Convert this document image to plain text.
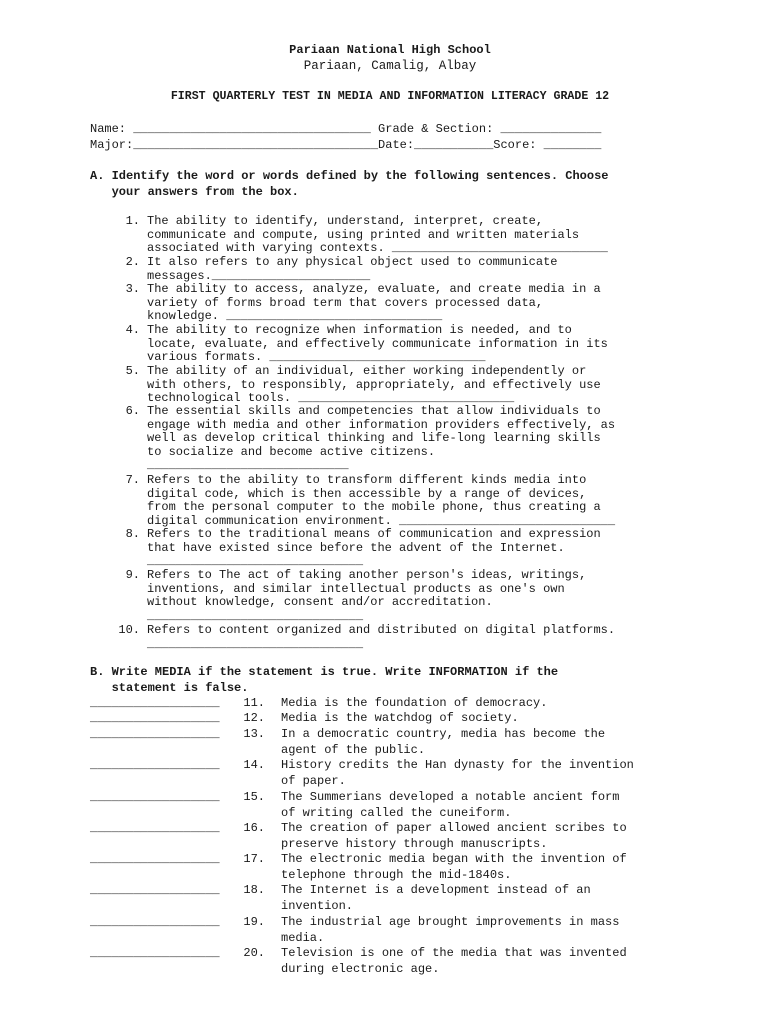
Pariaan National High School
Pariaan, Camalig, Albay
FIRST QUARTERLY TEST IN MEDIA AND INFORMATION LITERACY GRADE 12
Name: _________________________________ Grade & Section: ______________
Major:__________________________________Date:___________Score: ________
A. Identify the word or words defined by the following sentences. Choose
your answers from the box.
1. The ability to identify, understand, interpret, create,
communicate and compute, using printed and written materials
associated with varying contexts. ______________________________
2. It also refers to any physical object used to communicate
messages.______________________
3. The ability to access, analyze, evaluate, and create media in a
variety of forms broad term that covers processed data,
knowledge. ______________________________
4. The ability to recognize when information is needed, and to
locate, evaluate, and effectively communicate information in its
various formats. ______________________________
5. The ability of an individual, either working independently or
with others, to responsibly, appropriately, and effectively use
technological tools. ______________________________
6. The essential skills and competencies that allow individuals to
engage with media and other information providers effectively, as
well as develop critical thinking and life-long learning skills
to socialize and become active citizens.
____________________________
7. Refers to the ability to transform different kinds media into
digital code, which is then accessible by a range of devices,
from the personal computer to the mobile phone, thus creating a
digital communication environment. ______________________________
8. Refers to the traditional means of communication and expression
that have existed since before the advent of the Internet.
______________________________
9. Refers to The act of taking another person's ideas, writings,
inventions, and similar intellectual products as one's own
without knowledge, consent and/or accreditation.
______________________________
10. Refers to content organized and distributed on digital platforms.
______________________________
B. Write MEDIA if the statement is true. Write INFORMATION if the
statement is false.
__________________ 11. Media is the foundation of democracy.
__________________ 12. Media is the watchdog of society.
__________________ 13. In a democratic country, media has become the
agent of the public.
__________________ 14. History credits the Han dynasty for the invention
of paper.
__________________ 15. The Summerians developed a notable ancient form
of writing called the cuneiform.
__________________ 16. The creation of paper allowed ancient scribes to
preserve history through manuscripts.
__________________ 17. The electronic media began with the invention of
telephone through the mid-1840s.
__________________ 18. The Internet is a development instead of an
invention.
__________________ 19. The industrial age brought improvements in mass
media.
__________________ 20. Television is one of the media that was invented
during electronic age.
